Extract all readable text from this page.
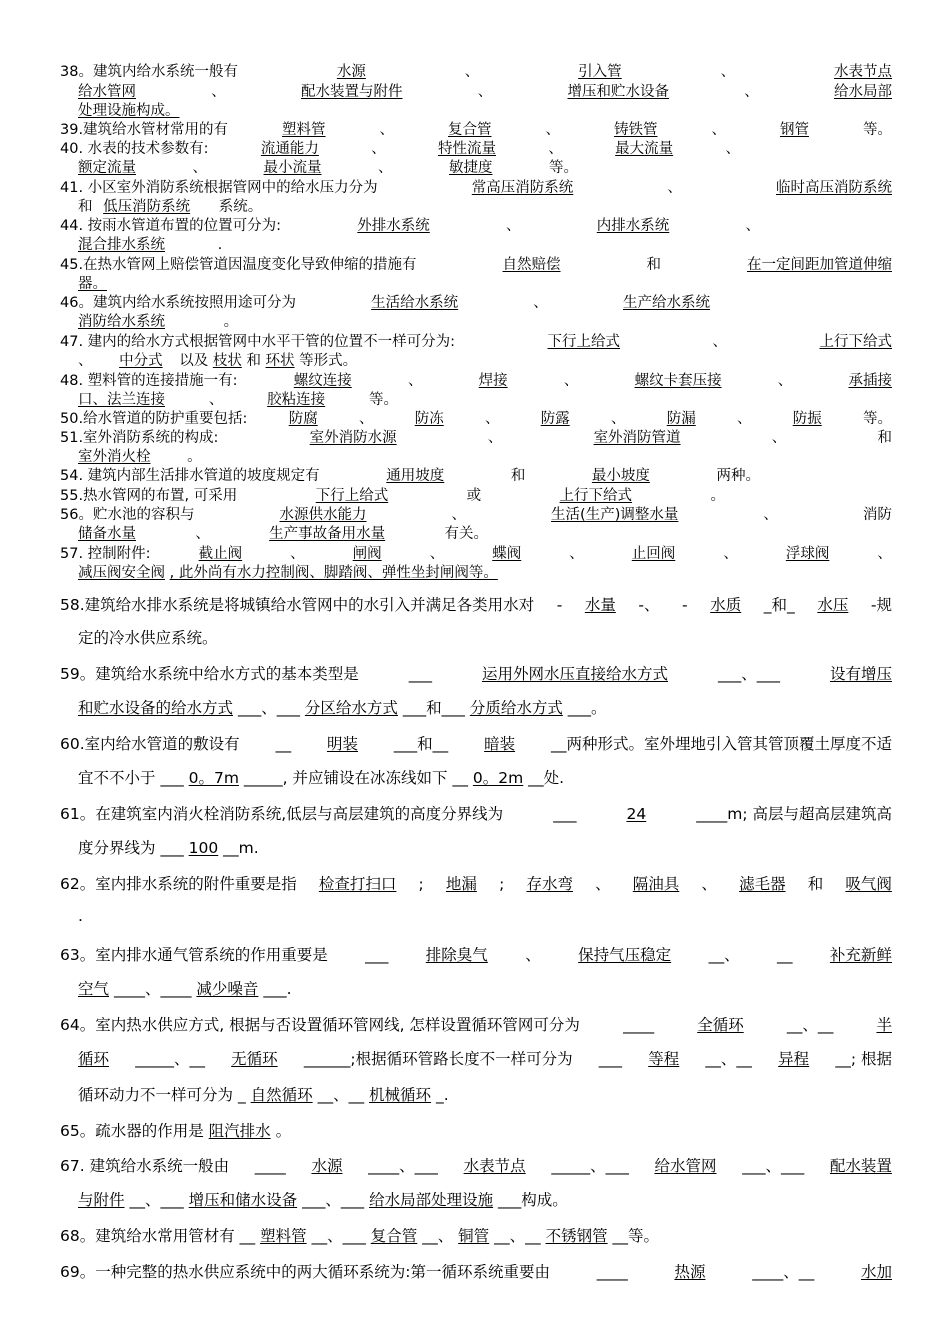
38。建筑内给水系统一般有	水源	、	引入管	、	水表节点
给水管网	、	配水装置与附件	、	增压和贮水设备	、	给水局部
处理设施构成。
39.建筑给水管材常用的有	塑料管	、	复合管	、	铸铁管	、	钢管	等。
40. 水表的技术参数有:	流通能力	、	特性流量	、	最大流量	、
额定流量	、	最小流量	、	敏捷度	等。
41. 小区室外消防系统根据管网中的给水压力分为	常高压消防系统	、	临时高压消防系统
和 低压消防系统 系统。
44. 按雨水管道布置的位置可分为:	外排水系统	、	内排水系统	、
混合排水系统	.
45.在热水管网上赔偿管道因温度变化导致伸缩的措施有	自然赔偿	和	在一定间距加管道伸缩
器。
46。建筑内给水系统按照用途可分为	生活给水系统	、	生产给水系统
消防给水系统	。
47. 建内的给水方式根据管网中水平干管的位置不一样可分为:	下行上给式	、	上行下给式
、 中分式 以及 枝状 和 环状 等形式。
48. 塑料管的连接措施一有:	螺纹连接	、	焊接	、	螺纹卡套压接	、	承插接
口、法兰连接	、	胶粘连接	等。
50.给水管道的防护重要包括:	防腐	、	防冻	、	防露	、	防漏	、	防振	等。
51.室外消防系统的构成:	室外消防水源	、	室外消防管道	、	和
室外消火栓	。
54. 建筑内部生活排水管道的坡度规定有	通用坡度	和	最小坡度	两种。
55.热水管网的布置, 可采用	下行上给式	或	上行下给式	。
56。贮水池的容积与	水源供水能力	、	生活(生产)调整水量	、	消防
储备水量	、	生产事故备用水量	有关。
57. 控制附件:	截止阀	、	闸阀	、	蝶阀	、	止回阀	、	浮球阀	、
减压阀安全阀 , 此外尚有水力控制阀、脚踏阀、弹性坐封闸阀等。
58.建筑给水排水系统是将城镇给水管网中的水引入并满足各类用水对 - 水量 -、 - 水质 _和_ 水压 -规
定的冷水供应系统。
59。建筑给水系统中给水方式的基本类型是	___	运用外网水压直接给水方式	___、___	设有增压
和贮水设备的给水方式 ___、___ 分区给水方式 ___和___ 分质给水方式 ___。
60.室内给水管道的敷设有 __ 明装 ___和__ 暗装 __两种形式。室外埋地引入管其管顶覆土厚度不适
宜不不小于 ___ 0。7m _____, 并应铺设在冰冻线如下 __ 0。2m __处.
61。在建筑室内消火栓消防系统,低层与高层建筑的高度分界线为	___	24	____m; 高层与超高层建筑高
度分界线为 ___ 100 __m.
62。室内排水系统的附件重要是指 检查打扫口 ; 地漏 ; 存水弯 、 隔油具 、 滤毛器 和 吸气阀
.
63。室内排水通气管系统的作用重要是 ___ 排除臭气 、 保持气压稳定 __、 __ 补充新鲜
空气 ____、____ 减少噪音 ___.
64。室内热水供应方式, 根据与否设置循环管网线, 怎样设置循环管网可分为	____	全循环	__、__	半
循环 _____、__ 无循环 ______;根据循环管路长度不一样可分为 ___ 等程 __、__ 异程 __; 根据
循环动力不一样可分为 _ 自然循环 __、__ 机械循环 _.
65。疏水器的作用是 阻汽排水 。
67. 建筑给水系统一般由 ____ 水源 ____、___ 水表节点 _____、___ 给水管网 ___、___ 配水装置
与附件 __、___ 增压和储水设备 ___、___ 给水局部处理设施 ___构成。
68。建筑给水常用管材有 __ 塑料管 __、___ 复合管 __、 铜管 __、__ 不锈钢管 __等。
69。一种完整的热水供应系统中的两大循环系统为:第一循环系统重要由	____	热源	____、__	水加
